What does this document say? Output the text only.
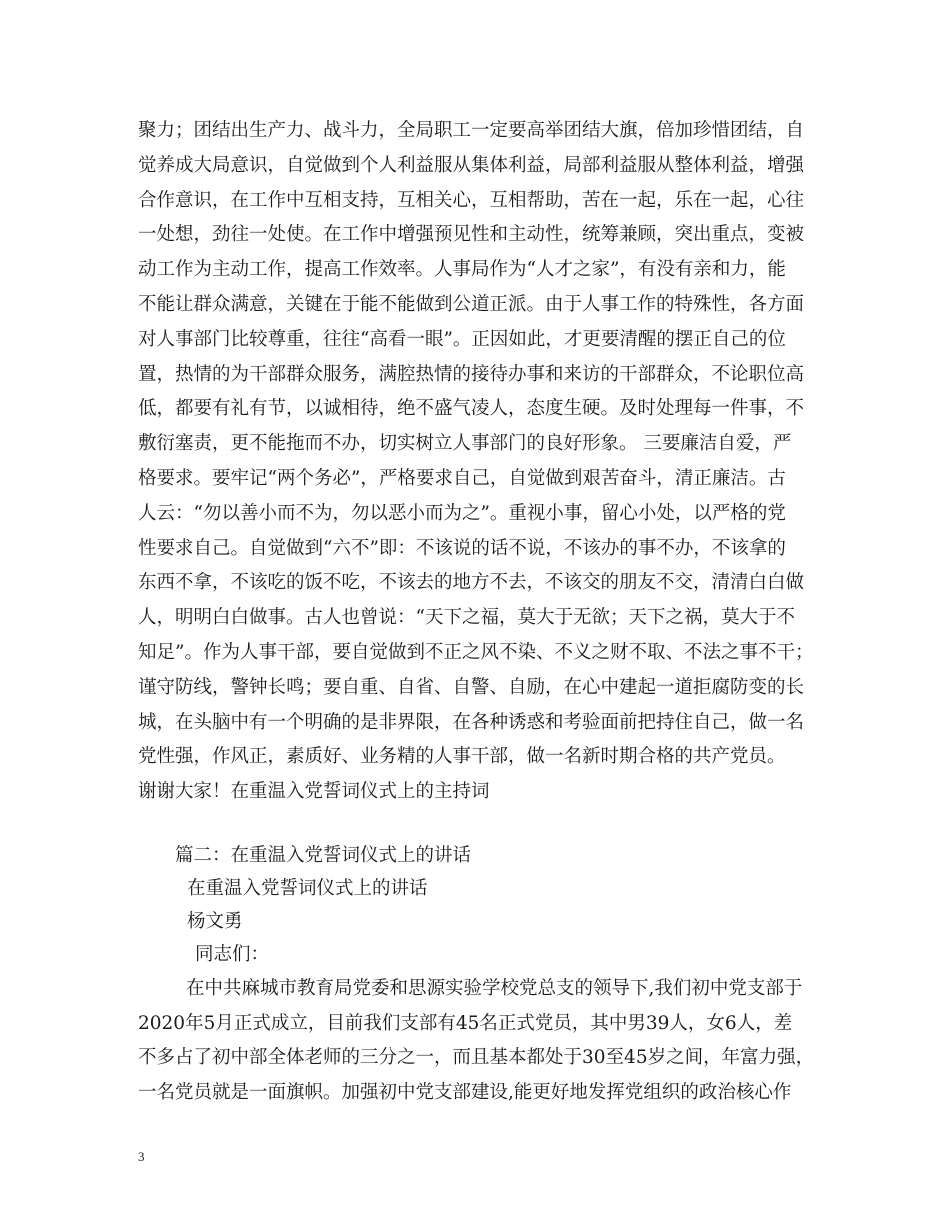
聚力；团结出生产力、战斗力，全局职工一定要高举团结大旗，倍加珍惜团结，自
觉养成大局意识，自觉做到个人利益服从集体利益，局部利益服从整体利益，增强
合作意识，在工作中互相支持，互相关心，互相帮助，苦在一起，乐在一起，心往
一处想，劲往一处使。在工作中增强预见性和主动性，统筹兼顾，突出重点，变被
动工作为主动工作，提高工作效率。人事局作为“人才之家”，有没有亲和力，能
不能让群众满意，关键在于能不能做到公道正派。由于人事工作的特殊性，各方面
对人事部门比较尊重，往往“高看一眼”。正因如此，才更要清醒的摆正自己的位
置，热情的为干部群众服务，满腔热情的接待办事和来访的干部群众，不论职位高
低，都要有礼有节，以诚相待，绝不盛气凌人，态度生硬。及时处理每一件事，不
敷衍塞责，更不能拖而不办，切实树立人事部门的良好形象。 三要廉洁自爱，严
格要求。要牢记“两个务必”，严格要求自己，自觉做到艰苦奋斗，清正廉洁。古
人云：“勿以善小而不为，勿以恶小而为之”。重视小事，留心小处，以严格的党
性要求自己。自觉做到“六不”即：不该说的话不说，不该办的事不办，不该拿的
东西不拿，不该吃的饭不吃，不该去的地方不去，不该交的朋友不交，清清白白做
人，明明白白做事。古人也曾说：“天下之福，莫大于无欲；天下之祸，莫大于不
知足”。作为人事干部，要自觉做到不正之风不染、不义之财不取、不法之事不干；
谨守防线，警钟长鸣；要自重、自省、自警、自励，在心中建起一道拒腐防变的长
城，在头脑中有一个明确的是非界限，在各种诱惑和考验面前把持住自己，做一名
党性强，作风正，素质好、业务精的人事干部，做一名新时期合格的共产党员。
谢谢大家！在重温入党誓词仪式上的主持词
篇二：在重温入党誓词仪式上的讲话
在重温入党誓词仪式上的讲话
杨文勇
同志们：
在中共麻城市教育局党委和思源实验学校党总支的领导下,我们初中党支部于
2020年5月正式成立，目前我们支部有45名正式党员，其中男39人，女6人，差
不多占了初中部全体老师的三分之一，而且基本都处于30至45岁之间，年富力强，
一名党员就是一面旗帜。加强初中党支部建设,能更好地发挥党组织的政治核心作
3
